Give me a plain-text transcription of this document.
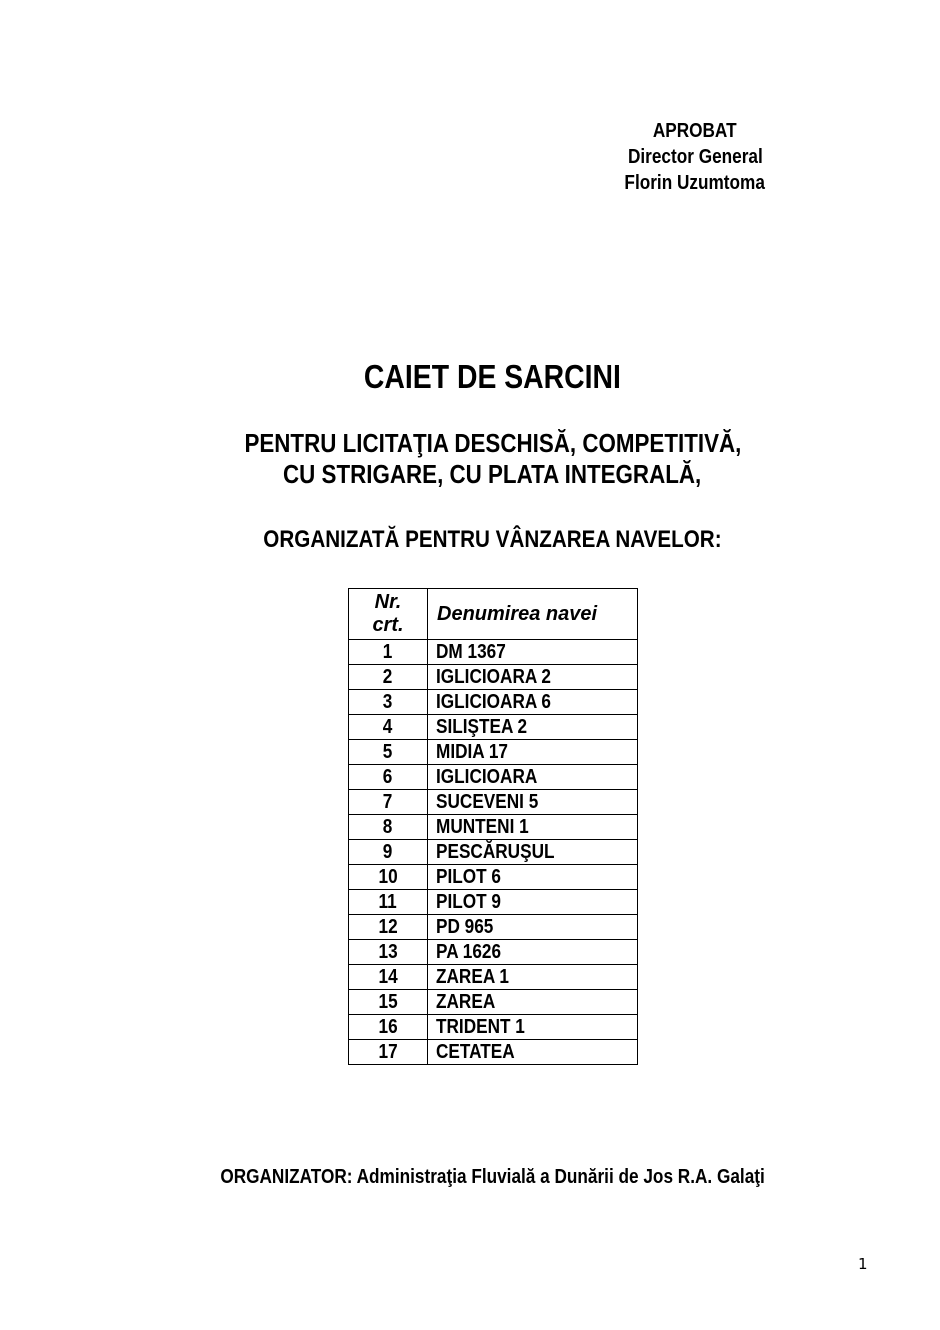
APROBAT
Director General
Florin Uzumtoma
CAIET DE SARCINI
PENTRU LICITAŢIA DESCHISĂ, COMPETITIVĂ,
CU STRIGARE, CU PLATA INTEGRALĂ,
ORGANIZATĂ PENTRU VÂNZAREA NAVELOR:
Nr.
crt.	Denumirea navei
1	DM 1367
2	IGLICIOARA 2
3	IGLICIOARA 6
4	SILIŞTEA 2
5	MIDIA 17
6	IGLICIOARA
7	SUCEVENI 5
8	MUNTENI 1
9	PESCĂRUŞUL
10	PILOT 6
11	PILOT 9
12	PD 965
13	PA 1626
14	ZAREA 1
15	ZAREA
16	TRIDENT 1
17	CETATEA
ORGANIZATOR: Administraţia Fluvială a Dunării de Jos R.A. Galaţi
1
